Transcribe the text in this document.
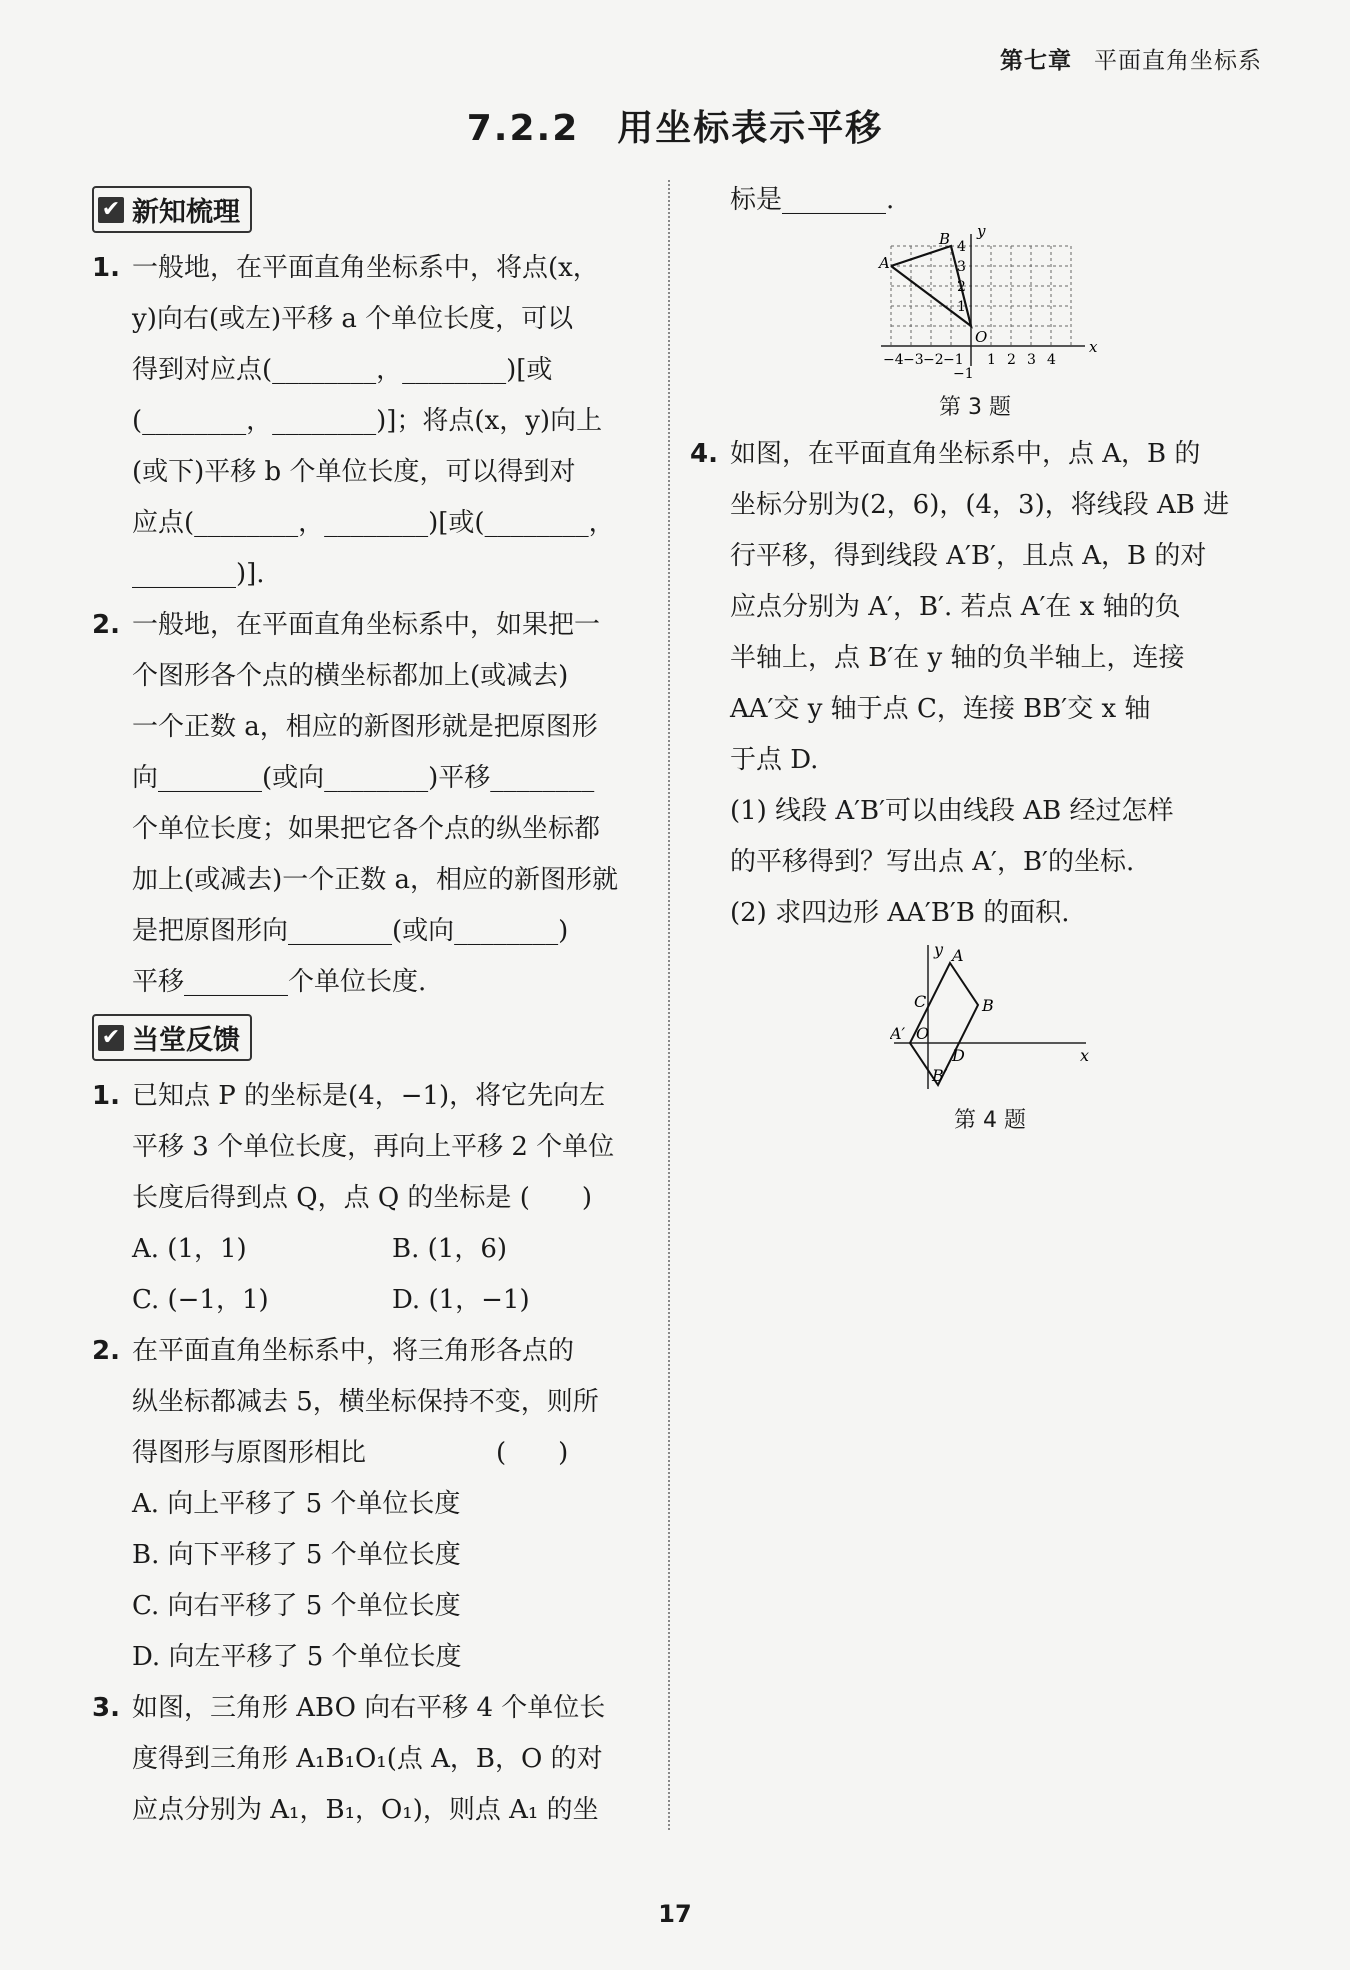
第七章 平面直角坐标系
7.2.2　用坐标表示平移
✔ 新知梳理
1. 一般地，在平面直角坐标系中，将点(x，

y)向右(或左)平移 a 个单位长度，可以

得到对应点(________，________)[或

(________，________)]；将点(x，y)向上

(或下)平移 b 个单位长度，可以得到对

应点(________，________)[或(________，

________)].

2. 一般地，在平面直角坐标系中，如果把一

个图形各个点的横坐标都加上(或减去)

一个正数 a，相应的新图形就是把原图形

向________(或向________)平移________

个单位长度；如果把它各个点的纵坐标都

加上(或减去)一个正数 a，相应的新图形就

是把原图形向________(或向________)

平移________个单位长度.

✔ 当堂反馈
1. 已知点 P 的坐标是(4，−1)，将它先向左

平移 3 个单位长度，再向上平移 2 个单位

长度后得到点 Q，点 Q 的坐标是 (　　)

A. (1，1)	B. (1，6)
C. (−1，1)	D. (1，−1)
2. 在平面直角坐标系中，将三角形各点的

纵坐标都减去 5，横坐标保持不变，则所

得图形与原图形相比　　　　　(　　)

A. 向上平移了 5 个单位长度

B. 向下平移了 5 个单位长度

C. 向右平移了 5 个单位长度

D. 向左平移了 5 个单位长度

3. 如图，三角形 ABO 向右平移 4 个单位长

度得到三角形 A₁B₁O₁(点 A，B，O 的对

应点分别为 A₁，B₁，O₁)，则点 A₁ 的坐

标是________.

x
y
A
B
O
−4 −3 −2 −1 1 2 3 4
4
3
2
1
−1
第 3 题
4. 如图，在平面直角坐标系中，点 A，B 的

坐标分别为(2，6)，(4，3)，将线段 AB 进

行平移，得到线段 A′B′，且点 A，B 的对

应点分别为 A′，B′. 若点 A′在 x 轴的负

半轴上，点 B′在 y 轴的负半轴上，连接

AA′交 y 轴于点 C，连接 BB′交 x 轴

于点 D.

(1) 线段 A′B′可以由线段 AB 经过怎样

的平移得到？写出点 A′，B′的坐标.

(2) 求四边形 AA′B′B 的面积.

x
y A
B
C
A′ O
D
B′
第 4 题
17
